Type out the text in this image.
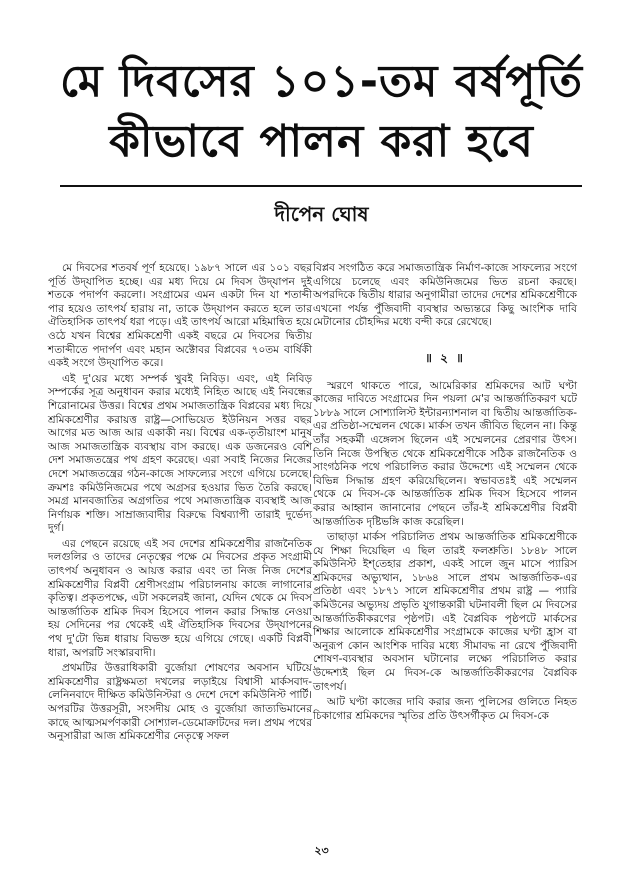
মে দিবসের ১০১-তম বর্ষপূর্তি
কীভাবে পালন করা হবে
দীপেন ঘোষ

মে দিবসের শতবর্ষ পূর্ণ হয়েছে। ১৯৮৭ সালে এর ১০১ বছর পূর্তি উদ্‌যাপিত হচ্ছে। এর মধ্য দিয়ে মে দিবস উদ্‌যাপন দুই শতকে পদার্পণ করলো। সংগ্রামের এমন একটা দিন যা শতাব্দী পার হয়েও তাৎপর্য হারায় না, তাকে উদ্‌যাপন করতে হলে তার ঐতিহাসিক তাৎপর্য ধরা পড়ে। এই তাৎপর্য আরো মহিমান্বিত হয়ে ওঠে যখন বিশ্বের শ্রমিকশ্রেণী একই বছরে মে দিবসের দ্বিতীয় শতাব্দীতে পদার্পণ এবং মহান অক্টোবর বিপ্লবের ৭০তম বার্ষিকী একই সংগে উদ্‌যাপিত করে।

এই দু'য়ের মধ্যে সম্পর্ক খুবই নিবিড়। এবং, এই নিবিড় সম্পর্কের সূত্র অনুধাবন করার মধ্যেই নিহিত আছে এই নিবন্ধের শিরোনামের উত্তর। বিশ্বের প্রথম সমাজতান্ত্রিক বিপ্লবের মধ্য দিয়ে শ্রমিকশ্রেণীর করায়ত্ত রাষ্ট্র—সোভিয়েত ইউনিয়ন সত্তর বছর আগের মত আজ আর একাকী নয়। বিশ্বের এক-তৃতীয়াংশ মানুষ আজ সমাজতান্ত্রিক ব্যবস্থায় বাস করছে। এক ডজনেরও বেশি দেশ সমাজতন্ত্রের পথ গ্রহণ করেছে। এরা সবাই নিজের নিজের দেশে সমাজতন্ত্রের গঠন-কাজে সাফল্যের সংগে এগিয়ে চলেছে। ক্রমশঃ কমিউনিজমের পথে অগ্রসর হওয়ার ভিত তৈরি করছে। সমগ্র মানবজাতির অগ্রগতির পথে সমাজতান্ত্রিক ব্যবস্থাই আজ নির্ণায়ক শক্তি। সাম্রাজ্যবাদীর বিরুদ্ধে বিশ্বব্যাপী তারাই দুর্ভেদ্য দুর্গ।

এর পেছনে রয়েছে এই সব দেশের শ্রমিকশ্রেণীর রাজনৈতিক দলগুলির ও তাদের নেতৃত্বের পক্ষে মে দিবসের প্রকৃত সংগ্রামী তাৎপর্য অনুধাবন ও আয়ত্ত করার এবং তা নিজ নিজ দেশের শ্রমিকশ্রেণীর বিপ্লবী শ্রেণীসংগ্রাম পরিচালনায় কাজে লাগানোর কৃতিত্ব। প্রকৃতপক্ষে, এটা সকলেরই জানা, যেদিন থেকে মে দিবস আন্তর্জাতিক শ্রমিক দিবস হিসেবে পালন করার সিদ্ধান্ত নেওয়া হয় সেদিনের পর থেকেই এই ঐতিহাসিক দিবসের উদ্‌যাপনের পথ দু'টো ভিন্ন ধারায় বিভক্ত হয়ে এগিয়ে গেছে। একটি বিপ্লবী ধারা, অপরটি সংস্কারবাদী।

প্রথমটির উত্তরাধিকারী বুর্জোয়া শোষণের অবসান ঘটিয়ে শ্রমিকশ্রেণীর রাষ্ট্রক্ষমতা দখলের লড়াইয়ে বিশ্বাসী মার্কসবাদ-লেনিনবাদে দীক্ষিত কমিউনিস্টরা ও দেশে দেশে কমিউনিস্ট পার্টি। অপরটির উত্তরসূরী, সংসদীয় মোহ ও বুর্জোয়া জাত্যভিমানের কাছে আত্মসমর্পণকারী সোশ্যাল-ডেমোক্রাটদের দল। প্রথম পথের অনুসারীরা আজ শ্রমিকশ্রেণীর নেতৃত্বে সফল

বিপ্লব সংগঠিত করে সমাজতান্ত্রিক নির্মাণ-কাজে সাফল্যের সংগে এগিয়ে চলেছে এবং কমিউনিজমের ভিত রচনা করছে। অপরদিকে দ্বিতীয় ধারার অনুগামীরা তাদের দেশের শ্রমিকশ্রেণীকে এখনো পর্যন্ত পুঁজিবাদী ব্যবস্থার অভ্যন্তরে কিছু আংশিক দাবি মেটানোর চৌহদ্দির মধ্যে বন্দী করে রেখেছে।

॥ ২ ॥

স্মরণে থাকতে পারে, আমেরিকার শ্রমিকদের আট ঘণ্টা কাজের দাবিতে সংগ্রামের দিন পয়লা মে'র আন্তর্জাতিকরণ ঘটে ১৮৮৯ সালে সোশ্যালিস্ট ইন্টারন্যাশনাল বা দ্বিতীয় আন্তর্জাতিক-এর প্রতিষ্ঠা-সম্মেলন থেকে। মার্কস তখন জীবিত ছিলেন না। কিন্তু তাঁর সহকর্মী এঙ্গেলস ছিলেন এই সম্মেলনের প্রেরণার উৎস। তিনি নিজে উপস্থিত থেকে শ্রমিকশ্রেণীকে সঠিক রাজনৈতিক ও সাংগঠনিক পথে পরিচালিত করার উদ্দেশ্যে এই সম্মেলন থেকে বিভিন্ন সিদ্ধান্ত গ্রহণ করিয়েছিলেন। স্বভাবতঃই এই সম্মেলন থেকে মে দিবস-কে আন্তর্জাতিক শ্রমিক দিবস হিসেবে পালন করার আহ্বান জানানোর পেছনে তাঁর-ই শ্রমিকশ্রেণীর বিপ্লবী আন্তর্জাতিক দৃষ্টিভঙ্গি কাজ করেছিল।

তাছাড়া মার্কস পরিচালিত প্রথম আন্তর্জাতিক শ্রমিকশ্রেণীকে যে শিক্ষা দিয়েছিল এ ছিল তারই ফলশ্রুতি। ১৮৪৮ সালে কমিউনিস্ট ইশ্‌তেহার প্রকাশ, একই সালে জুন মাসে প্যারিস শ্রমিকদের অভ্যুত্থান, ১৮৬৪ সালে প্রথম আন্তর্জাতিক-এর প্রতিষ্ঠা এবং ১৮৭১ সালে শ্রমিকশ্রেণীর প্রথম রাষ্ট্র — প্যারি কমিউনের অভ্যুদয় প্রভৃতি যুগান্তকারী ঘটনাবলী ছিল মে দিবসের আন্তর্জাতিকীকরণের পৃষ্ঠপট। এই বৈপ্লবিক পৃষ্ঠপটে মার্কসের শিক্ষার আলোকে শ্রমিকশ্রেণীর সংগ্রামকে কাজের ঘণ্টা হ্রাস বা অনুরূপ কোন আংশিক দাবির মধ্যে সীমাবদ্ধ না রেখে পুঁজিবাদী শোষণ-ব্যবস্থার অবসান ঘটানোর লক্ষ্যে পরিচালিত করার উদ্দেশ্যই ছিল মে দিবস-কে আন্তর্জাতিকীকরণের বৈপ্লবিক তাৎপর্য।

আট ঘণ্টা কাজের দাবি করার জন্য পুলিসের গুলিতে নিহত চিকাগোর শ্রমিকদের স্মৃতির প্রতি উৎসর্গীকৃত মে দিবস-কে

২৩
